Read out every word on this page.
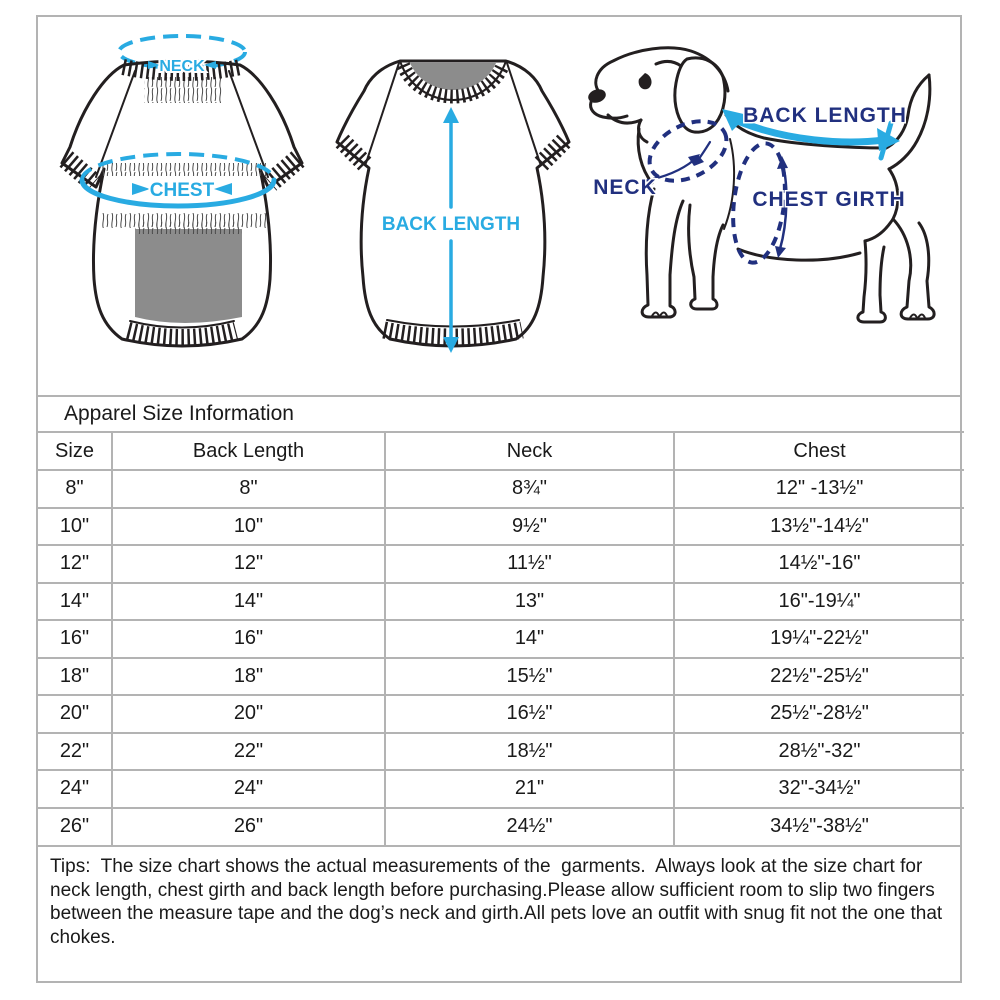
NECK
CHEST
BACK LENGTH
BACK LENGTH
NECK
CHEST GIRTH
Apparel Size Information
Size	Back Length	Neck	Chest
8"	8"	8¾"	12" -13½"
10"	10"	9½"	13½"-14½"
12"	12"	11½"	14½"-16"
14"	14"	13"	16"-19¼"
16"	16"	14"	19¼"-22½"
18"	18"	15½"	22½"-25½"
20"	20"	16½"	25½"-28½"
22"	22"	18½"	28½"-32"
24"	24"	21"	32"-34½"
26"	26"	24½"	34½"-38½"
Tips:  The size chart shows the actual measurements of the  garments.  Always look at the size chart for neck length, chest girth and back length before purchasing.Please allow sufficient room to slip two fingers between the measure tape and the dog’s neck and girth.All pets love an outfit with snug fit not the one that chokes.
